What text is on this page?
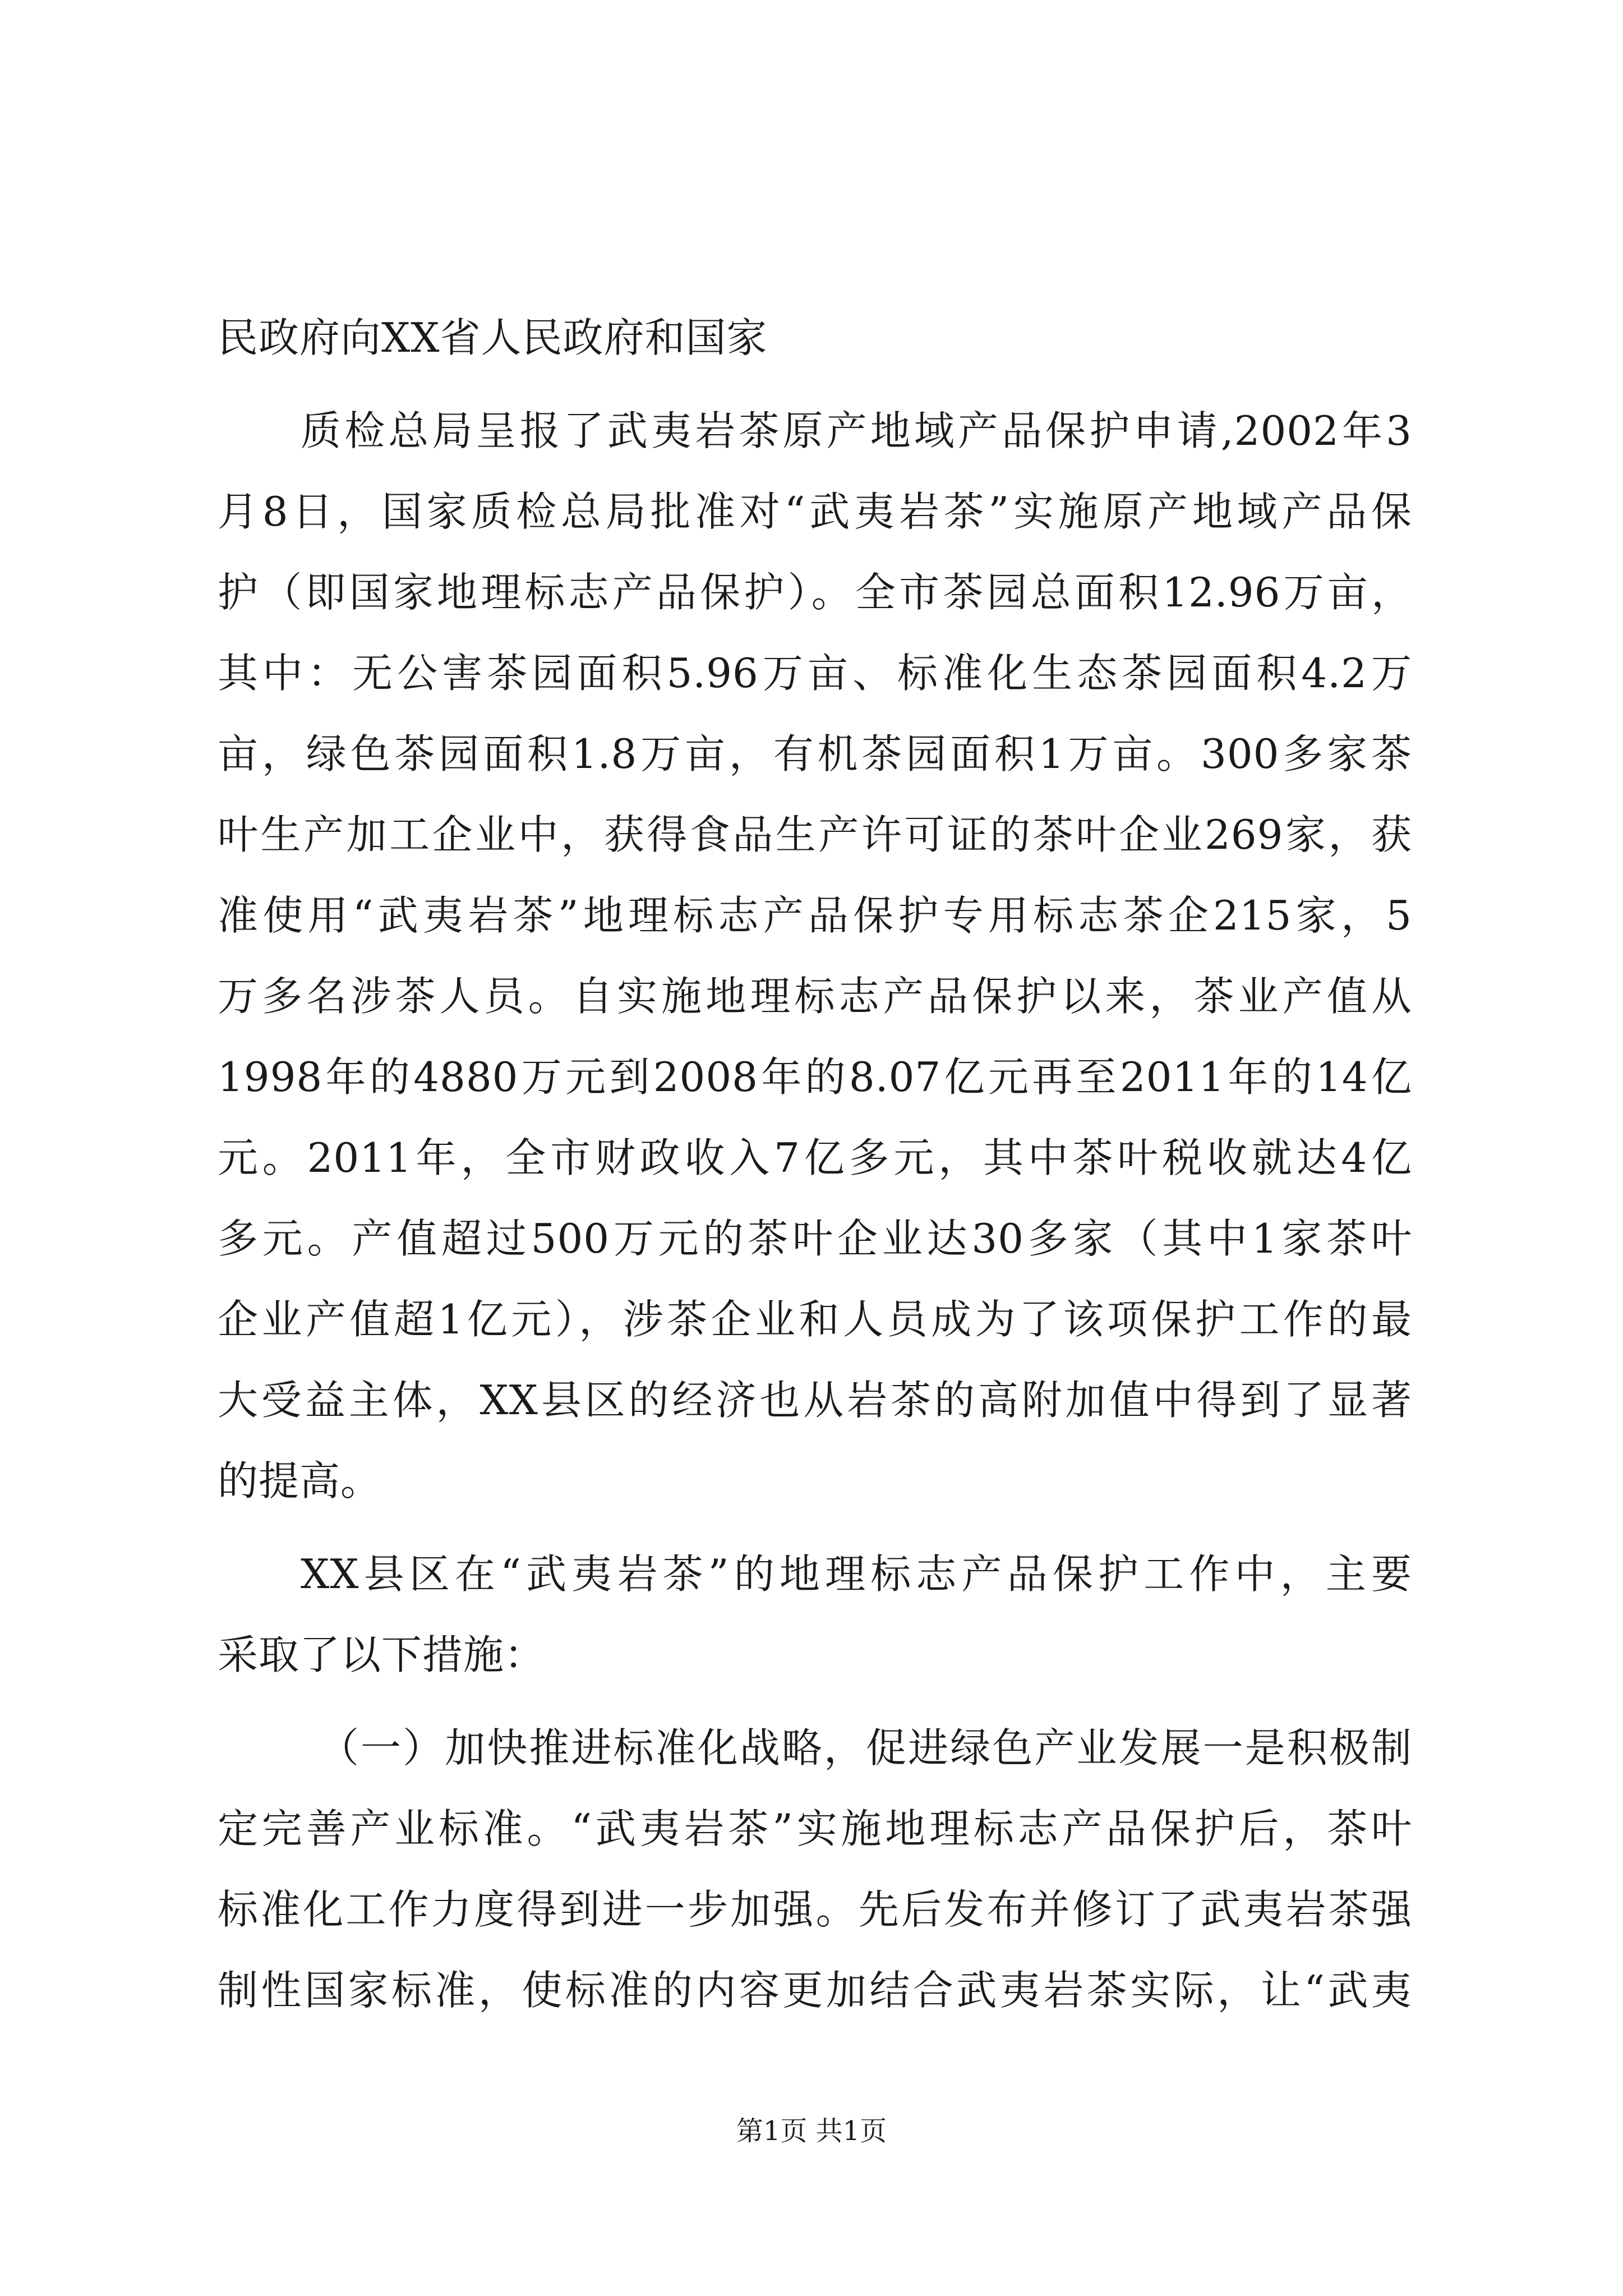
民政府向XX省人民政府和国家
质检总局呈报了武夷岩茶原产地域产品保护申请,2002年3
月8日，国家质检总局批准对“武夷岩茶”实施原产地域产品保
护（即国家地理标志产品保护）。全市茶园总面积12.96万亩，
其中：无公害茶园面积5.96万亩、标准化生态茶园面积4.2万
亩，绿色茶园面积1.8万亩，有机茶园面积1万亩。300多家茶
叶生产加工企业中，获得食品生产许可证的茶叶企业269家，获
准使用“武夷岩茶”地理标志产品保护专用标志茶企215家，5
万多名涉茶人员。自实施地理标志产品保护以来，茶业产值从
1998年的4880万元到2008年的8.07亿元再至2011年的14亿
元。2011年，全市财政收入7亿多元，其中茶叶税收就达4亿
多元。产值超过500万元的茶叶企业达30多家（其中1家茶叶
企业产值超1亿元），涉茶企业和人员成为了该项保护工作的最
大受益主体，XX县区的经济也从岩茶的高附加值中得到了显著
的提高。
XX县区在“武夷岩茶”的地理标志产品保护工作中，主要
采取了以下措施：
（一）加快推进标准化战略，促进绿色产业发展一是积极制
定完善产业标准。“武夷岩茶”实施地理标志产品保护后，茶叶
标准化工作力度得到进一步加强。先后发布并修订了武夷岩茶强
制性国家标准，使标准的内容更加结合武夷岩茶实际，让“武夷
第1页 共1页
